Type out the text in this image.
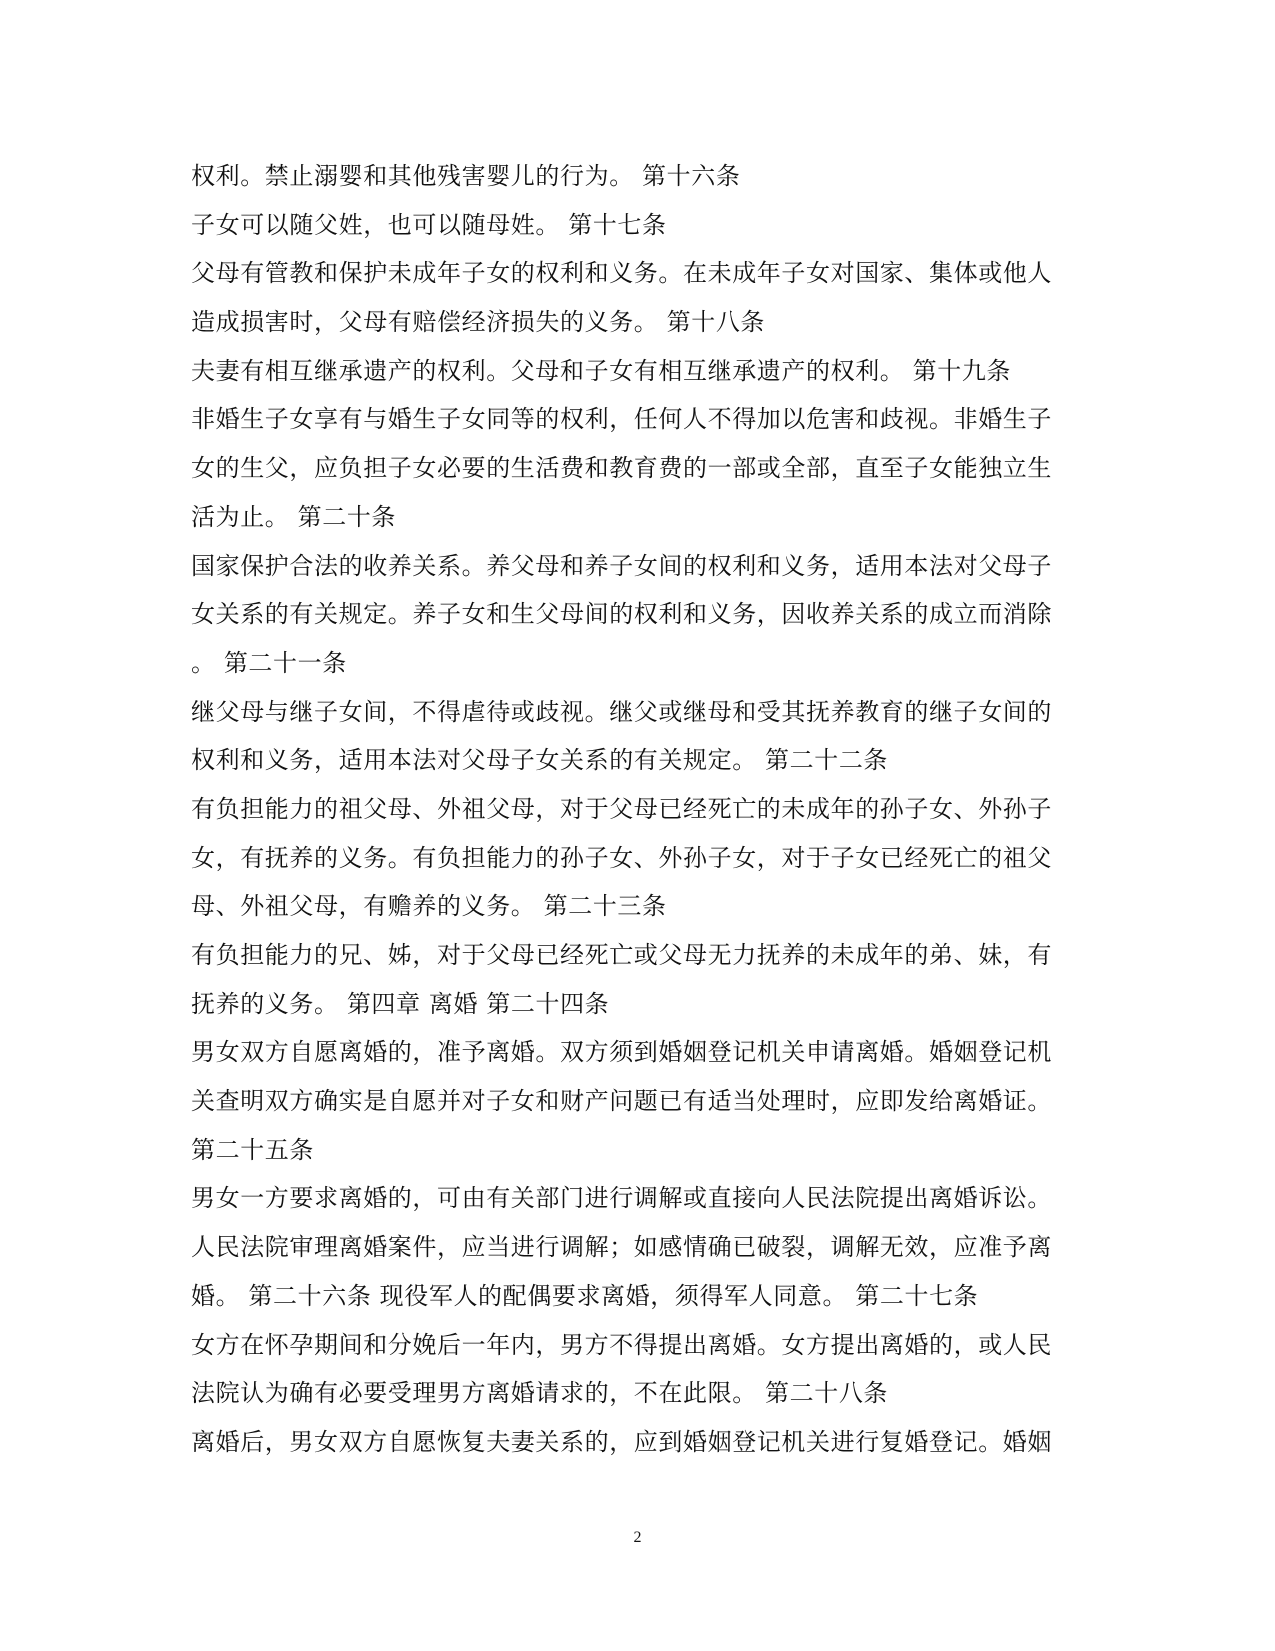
权利。禁止溺婴和其他残害婴儿的行为。 第十六条
子女可以随父姓，也可以随母姓。 第十七条
父母有管教和保护未成年子女的权利和义务。在未成年子女对国家、集体或他人
造成损害时，父母有赔偿经济损失的义务。 第十八条
夫妻有相互继承遗产的权利。父母和子女有相互继承遗产的权利。 第十九条
非婚生子女享有与婚生子女同等的权利，任何人不得加以危害和歧视。非婚生子
女的生父，应负担子女必要的生活费和教育费的一部或全部，直至子女能独立生
活为止。 第二十条
国家保护合法的收养关系。养父母和养子女间的权利和义务，适用本法对父母子
女关系的有关规定。养子女和生父母间的权利和义务，因收养关系的成立而消除
。 第二十一条
继父母与继子女间，不得虐待或歧视。继父或继母和受其抚养教育的继子女间的
权利和义务，适用本法对父母子女关系的有关规定。 第二十二条
有负担能力的祖父母、外祖父母，对于父母已经死亡的未成年的孙子女、外孙子
女，有抚养的义务。有负担能力的孙子女、外孙子女，对于子女已经死亡的祖父
母、外祖父母，有赡养的义务。 第二十三条
有负担能力的兄、姊，对于父母已经死亡或父母无力抚养的未成年的弟、妹，有
抚养的义务。 第四章 离婚 第二十四条
男女双方自愿离婚的，准予离婚。双方须到婚姻登记机关申请离婚。婚姻登记机
关查明双方确实是自愿并对子女和财产问题已有适当处理时，应即发给离婚证。
第二十五条
男女一方要求离婚的，可由有关部门进行调解或直接向人民法院提出离婚诉讼。
人民法院审理离婚案件，应当进行调解；如感情确已破裂，调解无效，应准予离
婚。 第二十六条 现役军人的配偶要求离婚，须得军人同意。 第二十七条
女方在怀孕期间和分娩后一年内，男方不得提出离婚。女方提出离婚的，或人民
法院认为确有必要受理男方离婚请求的，不在此限。 第二十八条
离婚后，男女双方自愿恢复夫妻关系的，应到婚姻登记机关进行复婚登记。婚姻
2
